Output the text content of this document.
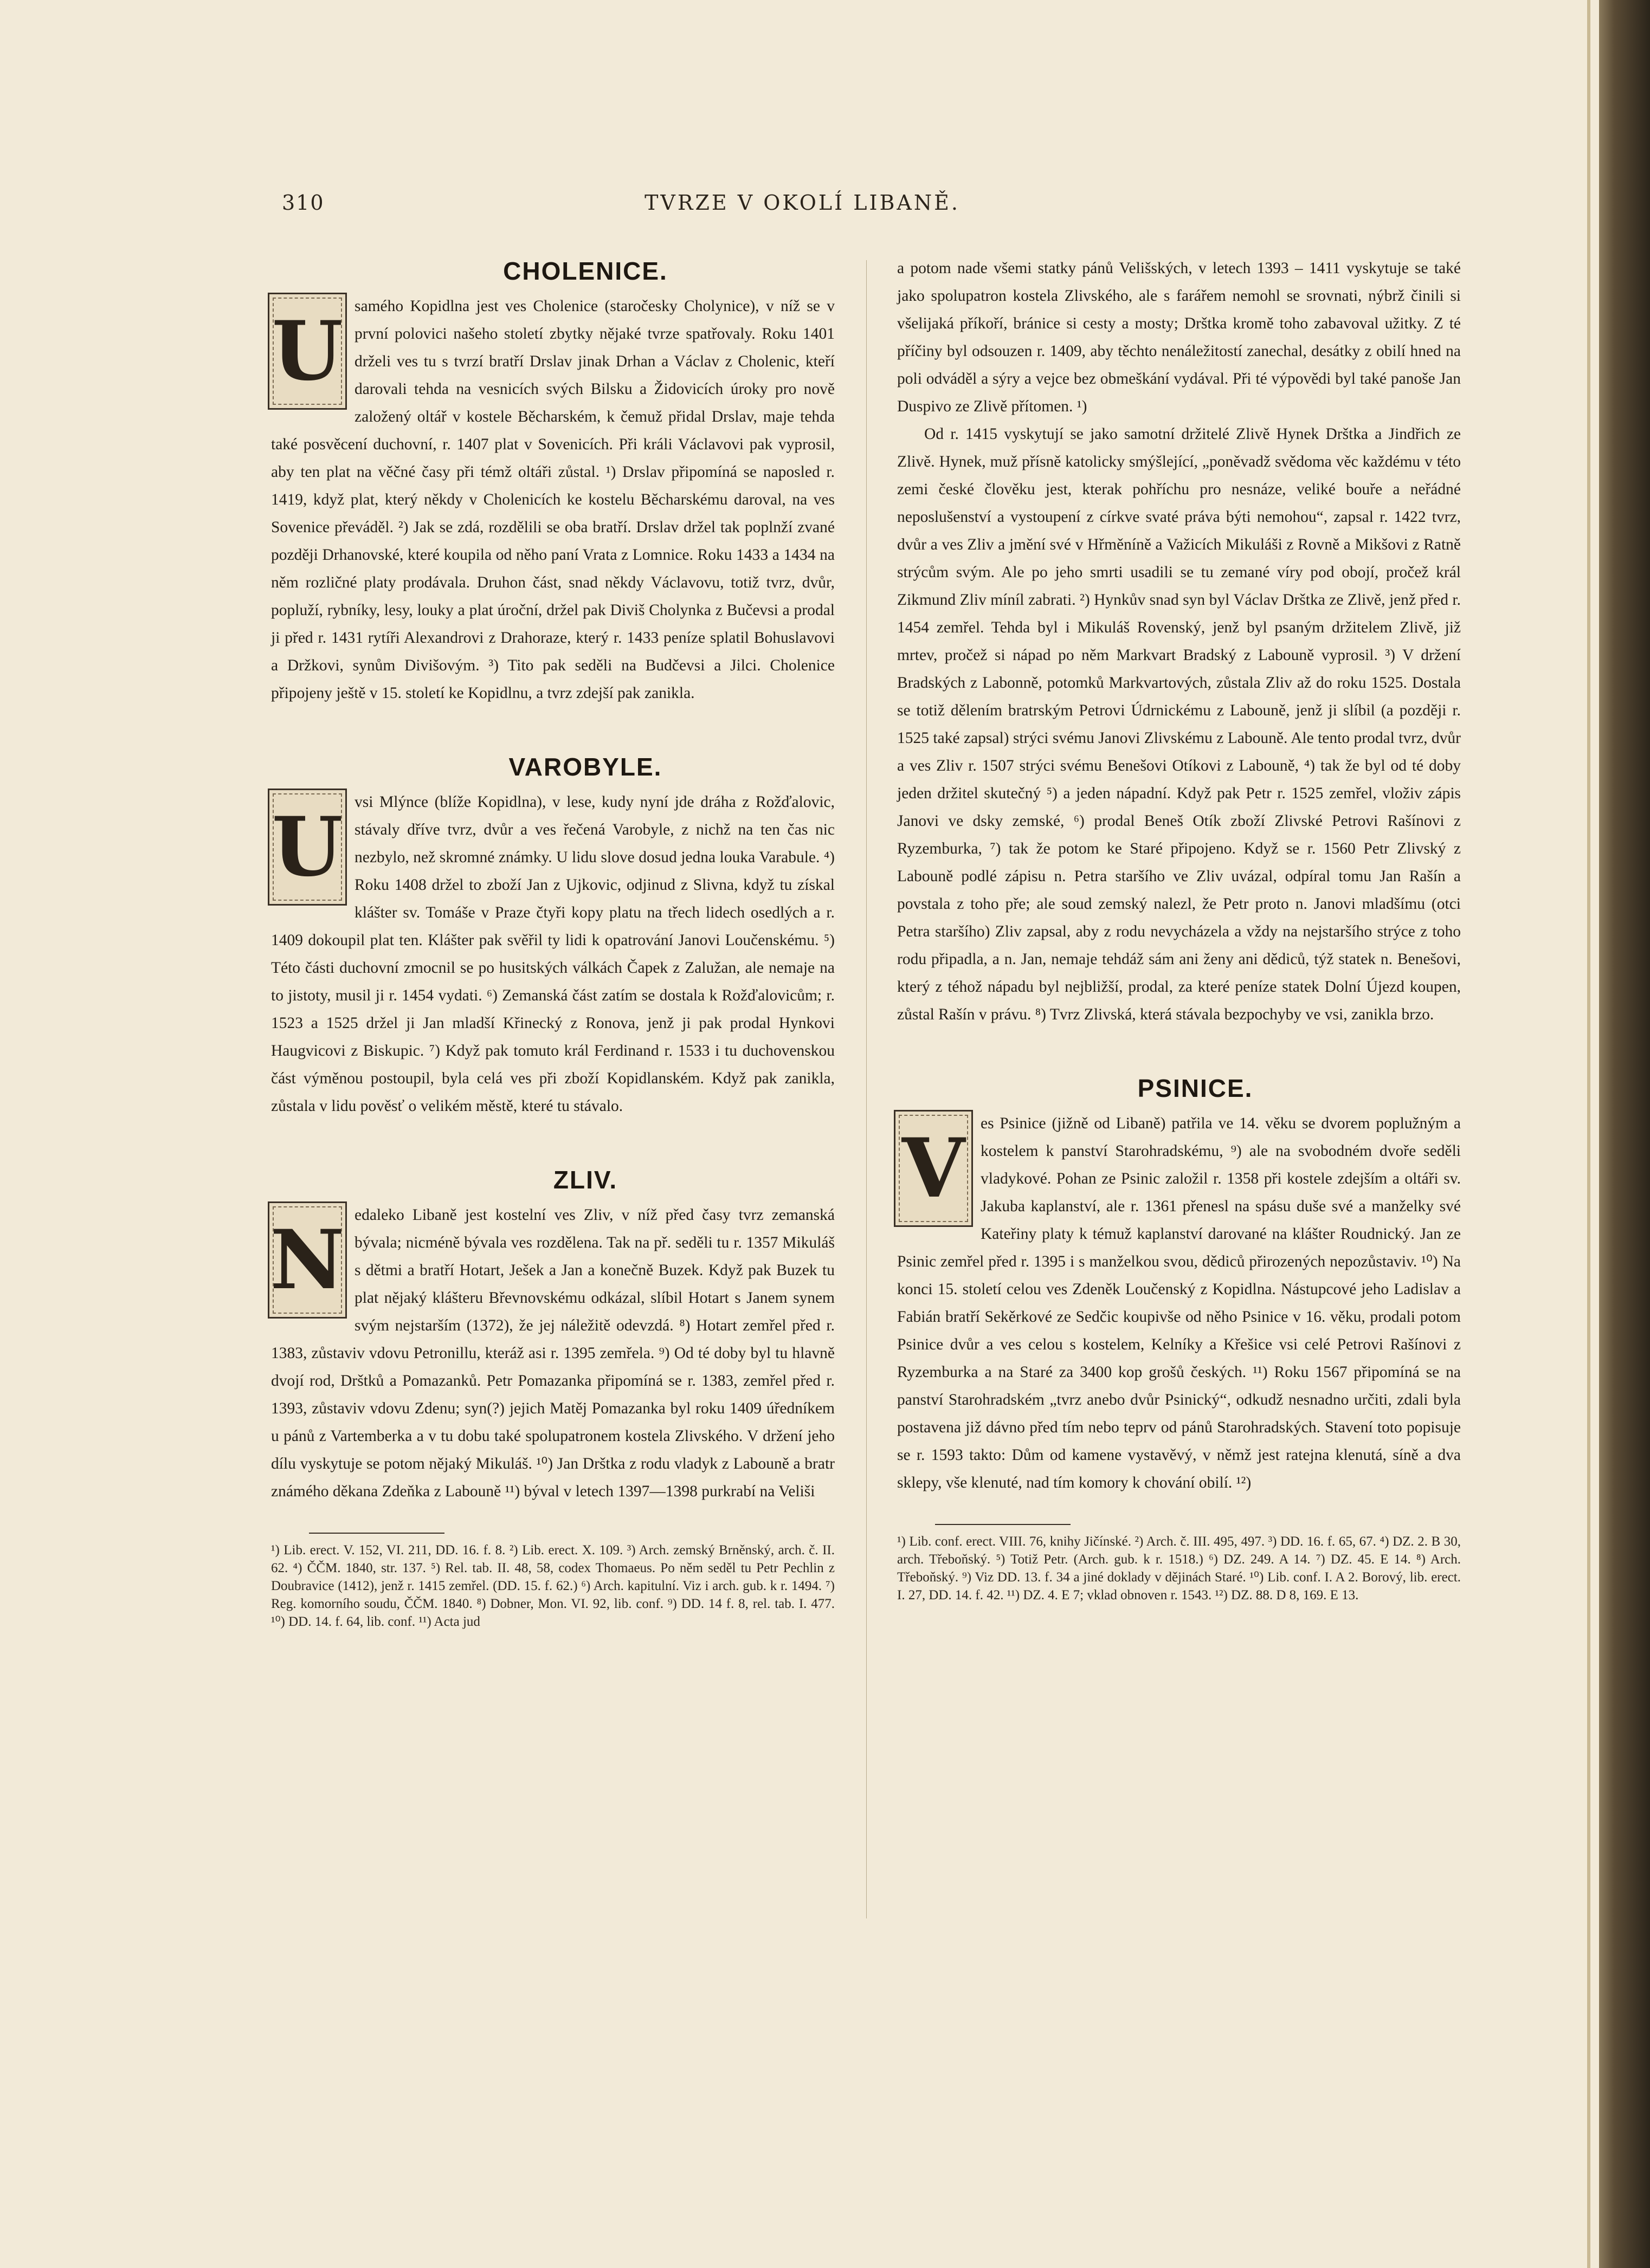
310	TVRZE V OKOLÍ LIBANĚ.
CHOLENICE.

U samého Kopidlna jest ves Cholenice (staročesky Cholynice), v níž se v první polovici našeho století zbytky nějaké tvrze spatřovaly. Roku 1401 drželi ves tu s tvrzí bratří Drslav jinak Drhan a Václav z Cholenic, kteří darovali tehda na vesnicích svých Bilsku a Židovicích úroky pro nově založený oltář v kostele Běcharském, k čemuž přidal Drslav, maje tehda také posvěcení duchovní, r. 1407 plat v Sovenicích. Při králi Václavovi pak vyprosil, aby ten plat na věčné časy při témž oltáři zůstal. ¹) Drslav připomíná se naposled r. 1419, když plat, který někdy v Cholenicích ke kostelu Běcharskému daroval, na ves Sovenice převáděl. ²) Jak se zdá, rozdělili se oba bratří. Drslav držel tak poplnží zvané později Drhanovské, které koupila od něho paní Vrata z Lomnice. Roku 1433 a 1434 na něm rozličné platy prodávala. Druhon část, snad někdy Václavovu, totiž tvrz, dvůr, popluží, rybníky, lesy, louky a plat úroční, držel pak Diviš Cholynka z Bučevsi a prodal ji před r. 1431 rytíři Alexandrovi z Drahoraze, který r. 1433 peníze splatil Bohuslavovi a Držkovi, synům Divišovým. ³) Tito pak seděli na Budčevsi a Jilci. Cholenice připojeny ještě v 15. století ke Kopidlnu, a tvrz zdejší pak zanikla.

VAROBYLE.

U vsi Mlýnce (blíže Kopidlna), v lese, kudy nyní jde dráha z Rožďalovic, stávaly dříve tvrz, dvůr a ves řečená Varobyle, z nichž na ten čas nic nezbylo, než skromné známky. U lidu slove dosud jedna louka Varabule. ⁴) Roku 1408 držel to zboží Jan z Ujkovic, odjinud z Slivna, když tu získal klášter sv. Tomáše v Praze čtyři kopy platu na třech lidech osedlých a r. 1409 dokoupil plat ten. Klášter pak svěřil ty lidi k opatrování Janovi Loučenskému. ⁵) Této části duchovní zmocnil se po husitských válkách Čapek z Zalužan, ale nemaje na to jistoty, musil ji r. 1454 vydati. ⁶) Zemanská část zatím se dostala k Rožďalovicům; r. 1523 a 1525 držel ji Jan mladší Křinecký z Ronova, jenž ji pak prodal Hynkovi Haugvicovi z Biskupic. ⁷) Když pak tomuto král Ferdinand r. 1533 i tu duchovenskou část výměnou postoupil, byla celá ves při zboží Kopidlanském. Když pak zanikla, zůstala v lidu pověsť o velikém městě, které tu stávalo.

ZLIV.

N edaleko Libaně jest kostelní ves Zliv, v níž před časy tvrz zemanská bývala; nicméně bývala ves rozdělena. Tak na př. seděli tu r. 1357 Mikuláš s dětmi a bratří Hotart, Ješek a Jan a konečně Buzek. Když pak Buzek tu plat nějaký klášteru Břevnovskému odkázal, slíbil Hotart s Janem synem svým nejstarším (1372), že jej náležitě odevzdá. ⁸) Hotart zemřel před r. 1383, zůstaviv vdovu Petronillu, kteráž asi r. 1395 zemřela. ⁹) Od té doby byl tu hlavně dvojí rod, Drštků a Pomazanků. Petr Pomazanka připomíná se r. 1383, zemřel před r. 1393, zůstaviv vdovu Zdenu; syn(?) jejich Matěj Pomazanka byl roku 1409 úředníkem u pánů z Vartemberka a v tu dobu také spolupatronem kostela Zlivského. V držení jeho dílu vyskytuje se potom nějaký Mikuláš. ¹⁰) Jan Drštka z rodu vladyk z Labouně a bratr známého děkana Zdeňka z Labouně ¹¹) býval v letech 1397—1398 purkrabí na Veliši

¹) Lib. erect. V. 152, VI. 211, DD. 16. f. 8. ²) Lib. erect. X. 109. ³) Arch. zemský Brněnský, arch. č. II. 62. ⁴) ČČM. 1840, str. 137. ⁵) Rel. tab. II. 48, 58, codex Thomaeus. Po něm seděl tu Petr Pechlin z Doubravice (1412), jenž r. 1415 zemřel. (DD. 15. f. 62.) ⁶) Arch. kapitulní. Viz i arch. gub. k r. 1494. ⁷) Reg. komorního soudu, ČČM. 1840. ⁸) Dobner, Mon. VI. 92, lib. conf. ⁹) DD. 14 f. 8, rel. tab. I. 477. ¹⁰) DD. 14. f. 64, lib. conf. ¹¹) Acta jud

a potom nade všemi statky pánů Velišských, v letech 1393 – 1411 vyskytuje se také jako spolupatron kostela Zlivského, ale s farářem nemohl se srovnati, nýbrž činili si všelijaká příkoří, bránice si cesty a mosty; Drštka kromě toho zabavoval užitky. Z té příčiny byl odsouzen r. 1409, aby těchto nenáležitostí zanechal, desátky z obilí hned na poli odváděl a sýry a vejce bez obmeškání vydával. Při té výpovědi byl také panoše Jan Duspivo ze Zlivě přítomen. ¹)

Od r. 1415 vyskytují se jako samotní držitelé Zlivě Hynek Drštka a Jindřich ze Zlivě. Hynek, muž přísně katolicky smýšlející, „poněvadž svědoma věc každému v této zemi české člověku jest, kterak pohříchu pro nesnáze, veliké bouře a neřádné neposlušenství a vystoupení z církve svaté práva býti nemohou“, zapsal r. 1422 tvrz, dvůr a ves Zliv a jmění své v Hřměníně a Važicích Mikuláši z Rovně a Mikšovi z Ratně strýcům svým. Ale po jeho smrti usadili se tu zemané víry pod obojí, pročež král Zikmund Zliv míníl zabrati. ²) Hynkův snad syn byl Václav Drštka ze Zlivě, jenž před r. 1454 zemřel. Tehda byl i Mikuláš Rovenský, jenž byl psaným držitelem Zlivě, již mrtev, pročež si nápad po něm Markvart Bradský z Labouně vyprosil. ³) V držení Bradských z Labonně, potomků Markvartových, zůstala Zliv až do roku 1525. Dostala se totiž dělením bratrským Petrovi Údrnickému z Labouně, jenž ji slíbil (a později r. 1525 také zapsal) strýci svému Janovi Zlivskému z Labouně. Ale tento prodal tvrz, dvůr a ves Zliv r. 1507 strýci svému Benešovi Otíkovi z Labouně, ⁴) tak že byl od té doby jeden držitel skutečný ⁵) a jeden nápadní. Když pak Petr r. 1525 zemřel, vloživ zápis Janovi ve dsky zemské, ⁶) prodal Beneš Otík zboží Zlivské Petrovi Rašínovi z Ryzemburka, ⁷) tak že potom ke Staré připojeno. Když se r. 1560 Petr Zlivský z Labouně podlé zápisu n. Petra staršího ve Zliv uvázal, odpíral tomu Jan Rašín a povstala z toho pře; ale soud zemský nalezl, že Petr proto n. Janovi mladšímu (otci Petra staršího) Zliv zapsal, aby z rodu nevycházela a vždy na nejstaršího strýce z toho rodu připadla, a n. Jan, nemaje tehdáž sám ani ženy ani dědiců, týž statek n. Benešovi, který z téhož nápadu byl nejbližší, prodal, za které peníze statek Dolní Újezd koupen, zůstal Rašín v právu. ⁸) Tvrz Zlivská, která stávala bezpochyby ve vsi, zanikla brzo.

PSINICE.

V es Psinice (jižně od Libaně) patřila ve 14. věku se dvorem poplužným a kostelem k panství Starohradskému, ⁹) ale na svobodném dvoře seděli vladykové. Pohan ze Psinic založil r. 1358 při kostele zdejším a oltáři sv. Jakuba kaplanství, ale r. 1361 přenesl na spásu duše své a manželky své Kateřiny platy k témuž kaplanství darované na klášter Roudnický. Jan ze Psinic zemřel před r. 1395 i s manželkou svou, dědiců přirozených nepozůstaviv. ¹⁰) Na konci 15. století celou ves Zdeněk Loučenský z Kopidlna. Nástupcové jeho Ladislav a Fabián bratří Sekěrkové ze Sedčic koupivše od něho Psinice v 16. věku, prodali potom Psinice dvůr a ves celou s kostelem, Kelníky a Křešice vsi celé Petrovi Rašínovi z Ryzemburka a na Staré za 3400 kop grošů českých. ¹¹) Roku 1567 připomíná se na panství Starohradském „tvrz anebo dvůr Psinický“, odkudž nesnadno určiti, zdali byla postavena již dávno před tím nebo teprv od pánů Starohradských. Stavení toto popisuje se r. 1593 takto: Dům od kamene vystavěvý, v němž jest ratejna klenutá, síně a dva sklepy, vše klenuté, nad tím komory k chování obilí. ¹²)

¹) Lib. conf. erect. VIII. 76, knihy Jičínské. ²) Arch. č. III. 495, 497. ³) DD. 16. f. 65, 67. ⁴) DZ. 2. B 30, arch. Třeboňský. ⁵) Totiž Petr. (Arch. gub. k r. 1518.) ⁶) DZ. 249. A 14. ⁷) DZ. 45. E 14. ⁸) Arch. Třeboňský. ⁹) Viz DD. 13. f. 34 a jiné doklady v dějinách Staré. ¹⁰) Lib. conf. I. A 2. Borový, lib. erect. I. 27, DD. 14. f. 42. ¹¹) DZ. 4. E 7; vklad obnoven r. 1543. ¹²) DZ. 88. D 8, 169. E 13.
